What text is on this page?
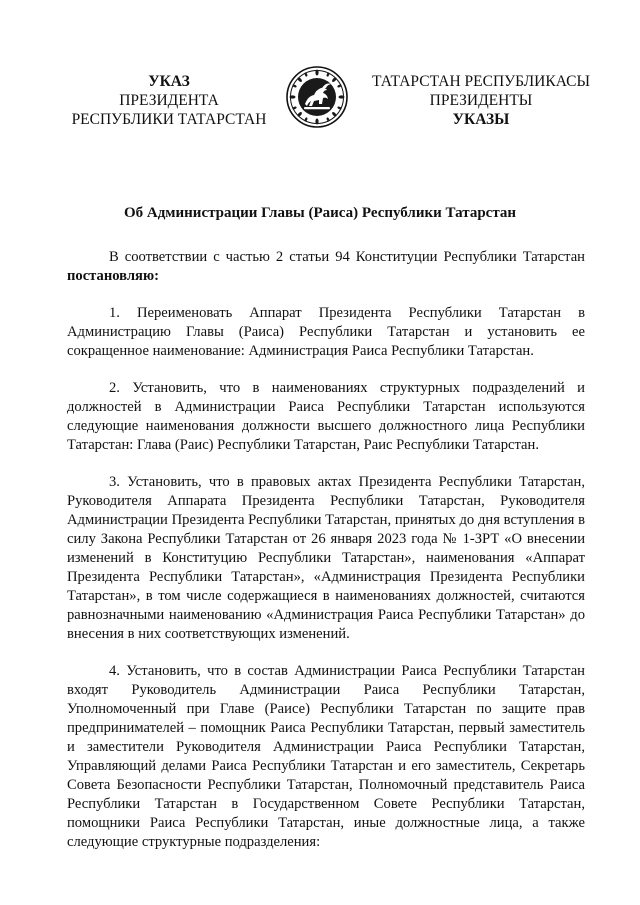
УКАЗ
ПРЕЗИДЕНТА
РЕСПУБЛИКИ ТАТАРСТАН
ТАТАРСТАН РЕСПУБЛИКАСЫ
ПРЕЗИДЕНТЫ
УКАЗЫ
Об Администрации Главы (Раиса) Республики Татарстан

В соответствии с частью 2 статьи 94 Конституции Республики Татарстан постановляю:

1. Переименовать Аппарат Президента Республики Татарстан в Администрацию Главы (Раиса) Республики Татарстан и установить ее сокращенное наименование: Администрация Раиса Республики Татарстан.

2. Установить, что в наименованиях структурных подразделений и должностей в Администрации Раиса Республики Татарстан используются следующие наименования должности высшего должностного лица Республики Татарстан: Глава (Раис) Республики Татарстан, Раис Республики Татарстан.

3. Установить, что в правовых актах Президента Республики Татарстан, Руководителя Аппарата Президента Республики Татарстан, Руководителя Администрации Президента Республики Татарстан, принятых до дня вступления в силу Закона Республики Татарстан от 26 января 2023 года № 1-ЗРТ «О внесении изменений в Конституцию Республики Татарстан», наименования «Аппарат Президента Республики Татарстан», «Администрация Президента Республики Татарстан», в том числе содержащиеся в наименованиях должностей, считаются равнозначными наименованию «Администрация Раиса Республики Татарстан» до внесения в них соответствующих изменений.

4. Установить, что в состав Администрации Раиса Республики Татарстан входят Руководитель Администрации Раиса Республики Татарстан, Уполномоченный при Главе (Раисе) Республики Татарстан по защите прав предпринимателей – помощник Раиса Республики Татарстан, первый заместитель и заместители Руководителя Администрации Раиса Республики Татарстан, Управляющий делами Раиса Республики Татарстан и его заместитель, Секретарь Совета Безопасности Республики Татарстан, Полномочный представитель Раиса Республики Татарстан в Государственном Совете Республики Татарстан, помощники Раиса Республики Татарстан, иные должностные лица, а также следующие структурные подразделения:
